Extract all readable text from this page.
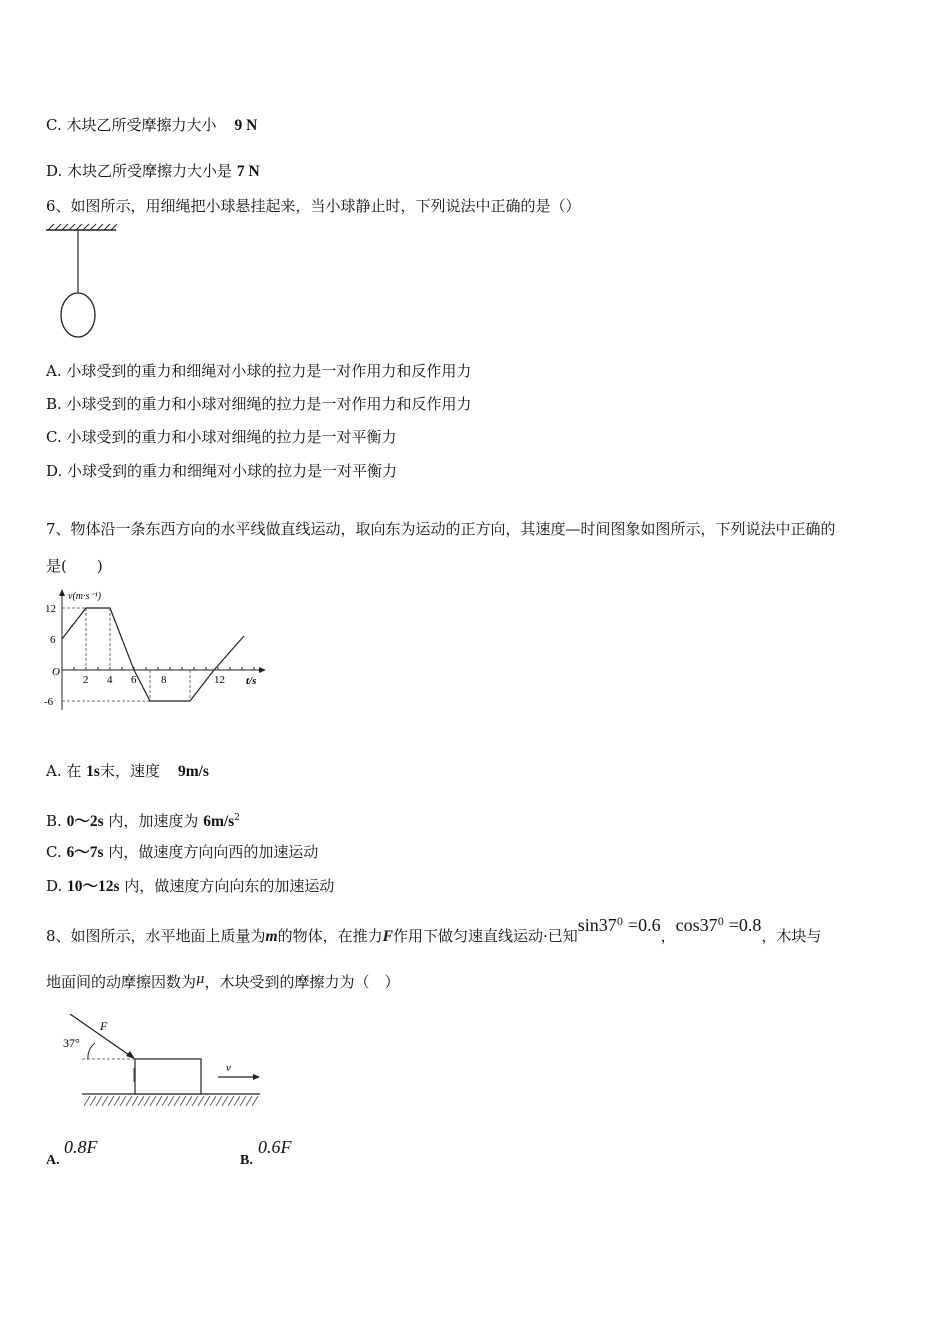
C. 木块乙所受摩擦力大小 9 N
D. 木块乙所受摩擦力大小是 7 N
6、如图所示，用细绳把小球悬挂起来，当小球静止时，下列说法中正确的是（）
A. 小球受到的重力和细绳对小球的拉力是一对作用力和反作用力
B. 小球受到的重力和小球对细绳的拉力是一对作用力和反作用力
C. 小球受到的重力和小球对细绳的拉力是一对平衡力
D. 小球受到的重力和细绳对小球的拉力是一对平衡力
7、物体沿一条东西方向的水平线做直线运动，取向东为运动的正方向，其速度—时间图象如图所示，下列说法中正确的
是(　　)
v(m·s⁻¹)
t/s
O
12
6
-6
2 4 6 8	12
A. 在 1s末，速度 9m/s
B. 0～2s 内，加速度为 $6m/s^2$
C. 6～7s 内，做速度方向向西的加速运动
D. 10～12s 内，做速度方向向东的加速运动
8、如图所示，水平地面上质量为m的物体，在推力F作用下做匀速直线运动·已知$\sin 37^0 =0.6$，$\cos 37^0 =0.8$，木块与
地面间的动摩擦因数为μ，木块受到的摩擦力为（　）
37°
F
v
A.
0.8F
B.
0.6F
